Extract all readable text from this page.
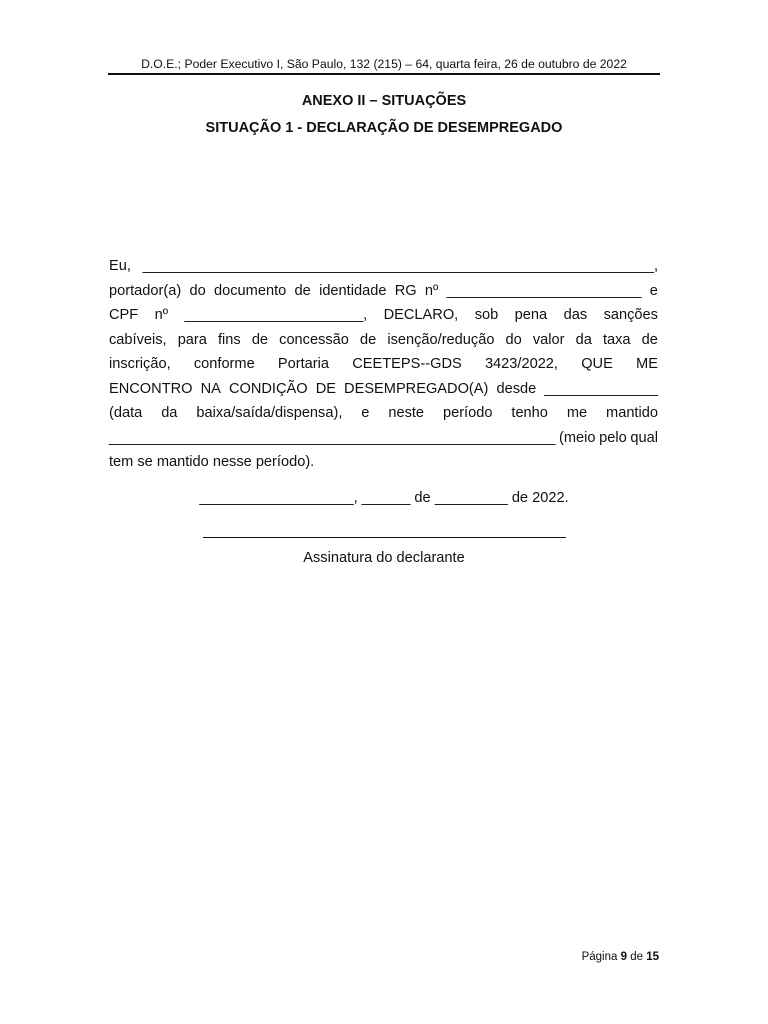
D.O.E.; Poder Executivo I, São Paulo, 132 (215) – 64, quarta feira, 26 de outubro de 2022
ANEXO II – SITUAÇÕES
SITUAÇÃO 1 - DECLARAÇÃO DE DESEMPREGADO
Eu, _______________________________________________________________,
portador(a) do documento de identidade RG nº ________________________ e
CPF nº ______________________, DECLARO, sob pena das sanções
cabíveis, para fins de concessão de isenção/redução do valor da taxa de
inscrição, conforme Portaria CEETEPS--GDS 3423/2022, QUE ME
ENCONTRO NA CONDIÇÃO DE DESEMPREGADO(A) desde ______________
(data da baixa/saída/dispensa), e neste período tenho me mantido
_______________________________________________________ (meio pelo qual
tem se mantido nesse período).
___________________, ______ de _________ de 2022.
Assinatura do declarante
Página 9 de 15
